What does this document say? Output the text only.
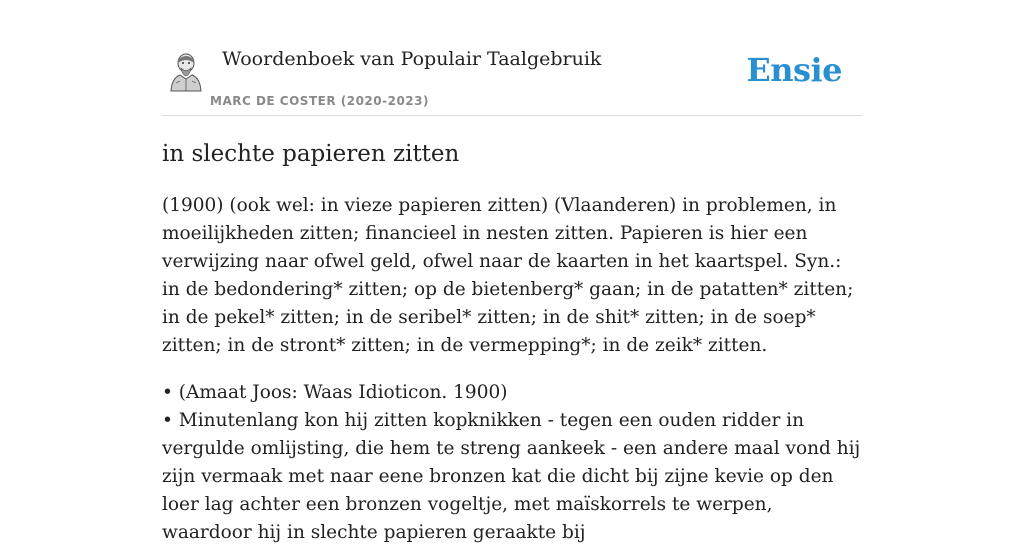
Woordenboek van Populair Taalgebruik
MARC DE COSTER (2020-2023)
Ensie
in slechte papieren zitten

(1900) (ook wel: in vieze papieren zitten) (Vlaanderen) in problemen, in moeilijkheden zitten; financieel in nesten zitten. Papieren is hier een verwijzing naar ofwel geld, ofwel naar de kaarten in het kaartspel. Syn.: in de bedondering* zitten; op de bietenberg* gaan; in de patatten* zitten; in de pekel* zitten; in de seribel* zitten; in de shit* zitten; in de soep* zitten; in de stront* zitten; in de vermepping*; in de zeik* zitten.

• (Amaat Joos: Waas Idioticon. 1900)
• Minutenlang kon hij zitten kopknikken - tegen een ouden ridder in vergulde omlijsting, die hem te streng aankeek - een andere maal vond hij zijn vermaak met naar eene bronzen kat die dicht bij zijne kevie op den loer lag achter een bronzen vogeltje, met maïskorrels te werpen, waardoor hij in slechte papieren geraakte bij
